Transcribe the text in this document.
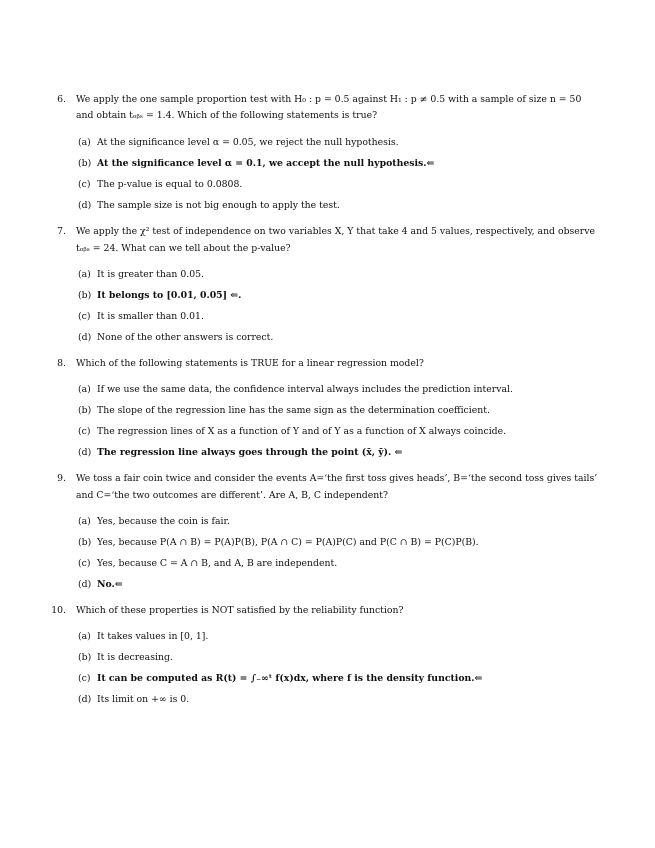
6. We apply the one sample proportion test with H₀ : p = 0.5 against H₁ : p ≠ 0.5 with a sample of size n = 50
and obtain tₒᵦₛ = 1.4. Which of the following statements is true?
(a) At the significance level α = 0.05, we reject the null hypothesis.
(b) At the significance level α = 0.1, we accept the null hypothesis.⇐
(c) The p-value is equal to 0.0808.
(d) The sample size is not big enough to apply the test.
7. We apply the χ² test of independence on two variables X, Y that take 4 and 5 values, respectively, and observe
tₒᵦₛ = 24. What can we tell about the p-value?
(a) It is greater than 0.05.
(b) It belongs to [0.01, 0.05] ⇐.
(c) It is smaller than 0.01.
(d) None of the other answers is correct.
8. Which of the following statements is TRUE for a linear regression model?
(a) If we use the same data, the confidence interval always includes the prediction interval.
(b) The slope of the regression line has the same sign as the determination coefficient.
(c) The regression lines of X as a function of Y and of Y as a function of X always coincide.
(d) The regression line always goes through the point (x̄, ȳ). ⇐
9. We toss a fair coin twice and consider the events A=‘the first toss gives heads’, B=‘the second toss gives tails’
and C=‘the two outcomes are different’. Are A, B, C independent?
(a) Yes, because the coin is fair.
(b) Yes, because P(A ∩ B) = P(A)P(B), P(A ∩ C) = P(A)P(C) and P(C ∩ B) = P(C)P(B).
(c) Yes, because C = A ∩ B, and A, B are independent.
(d) No.⇐
10. Which of these properties is NOT satisfied by the reliability function?
(a) It takes values in [0, 1].
(b) It is decreasing.
(c) It can be computed as R(t) = ∫₋∞ᵗ f(x)dx, where f is the density function.⇐
(d) Its limit on +∞ is 0.
